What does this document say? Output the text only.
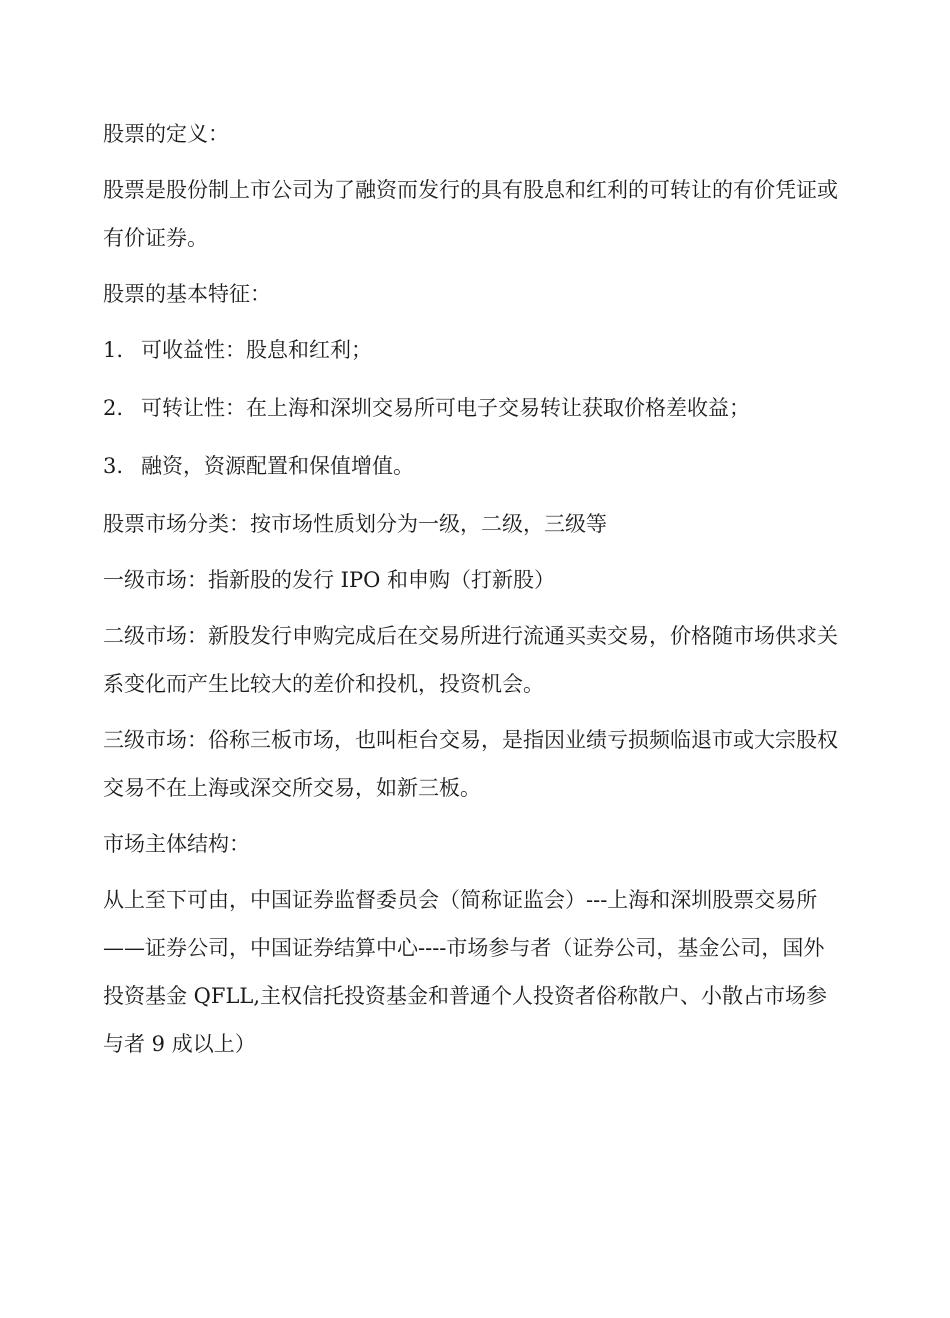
股票的定义：

股票是股份制上市公司为了融资而发行的具有股息和红利的可转让的有价凭证或有价证券。

股票的基本特征：

1. 可收益性：股息和红利；
2. 可转让性：在上海和深圳交易所可电子交易转让获取价格差收益；
3. 融资，资源配置和保值增值。

股票市场分类：按市场性质划分为一级，二级，三级等

一级市场：指新股的发行 IPO 和申购（打新股）

二级市场：新股发行申购完成后在交易所进行流通买卖交易，价格随市场供求关系变化而产生比较大的差价和投机，投资机会。

三级市场：俗称三板市场，也叫柜台交易，是指因业绩亏损频临退市或大宗股权交易不在上海或深交所交易，如新三板。

市场主体结构：

从上至下可由，中国证券监督委员会（简称证监会）---上海和深圳股票交易所——证券公司，中国证券结算中心----市场参与者（证券公司，基金公司，国外投资基金 QFLL,主权信托投资基金和普通个人投资者俗称散户、小散占市场参与者 9 成以上）
